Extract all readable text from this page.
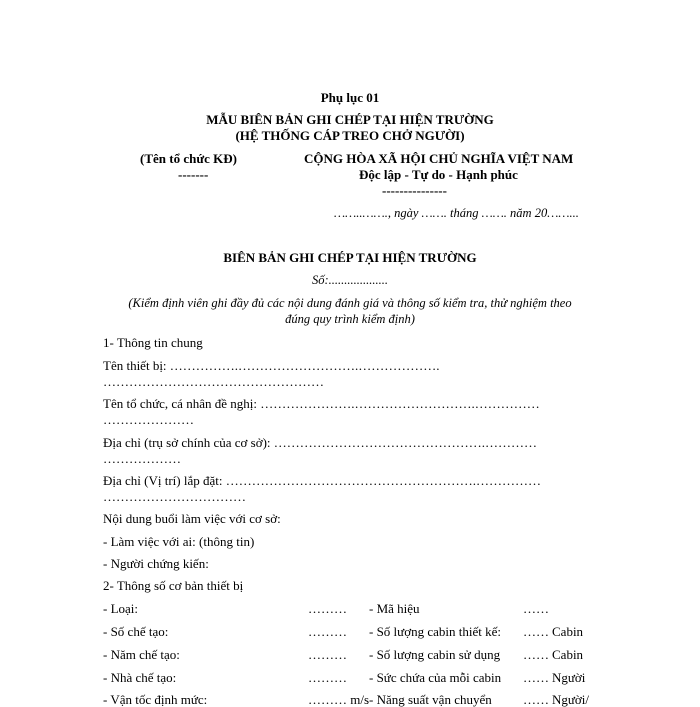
Phụ lục 01
MẪU BIÊN BẢN GHI CHÉP TẠI HIỆN TRƯỜNG
(HỆ THỐNG CÁP TREO CHỞ NGƯỜI)
(Tên tổ chức KĐ)
-------
CỘNG HÒA XÃ HỘI CHỦ NGHĨA VIỆT NAM
Độc lập - Tự do - Hạnh phúc
---------------
……..……., ngày ……. tháng ……. năm 20……...
BIÊN BẢN GHI CHÉP TẠI HIỆN TRƯỜNG
Số:...................
(Kiểm định viên ghi đầy đủ các nội dung đánh giá và thông số kiểm tra, thử nghiệm theo
đúng quy trình kiểm định)
1- Thông tin chung
Tên thiết bị: …………….……………………….……………….
……………………………………………
Tên tổ chức, cá nhân đề nghị: ………………….……………………….……………
…………………
Địa chỉ (trụ sở chính của cơ sở): ………………………………………….…………
………………
Địa chỉ (Vị trí) lắp đặt: ………………………………………………….……………
……………………………
Nội dung buổi làm việc với cơ sở:
- Làm việc với ai: (thông tin)
- Người chứng kiến:
2- Thông số cơ bản thiết bị
- Loại:	……… - Mã hiệu	……
- Số chế tạo:	……… - Số lượng cabin thiết kế: …… Cabin
- Năm chế tạo:	……… - Số lượng cabin sử dụng …… Cabin
- Nhà chế tạo:	……… - Sức chứa của mỗi cabin …… Người
- Vận tốc định mức:	……… m/s - Năng suất vận chuyển …… Người/
